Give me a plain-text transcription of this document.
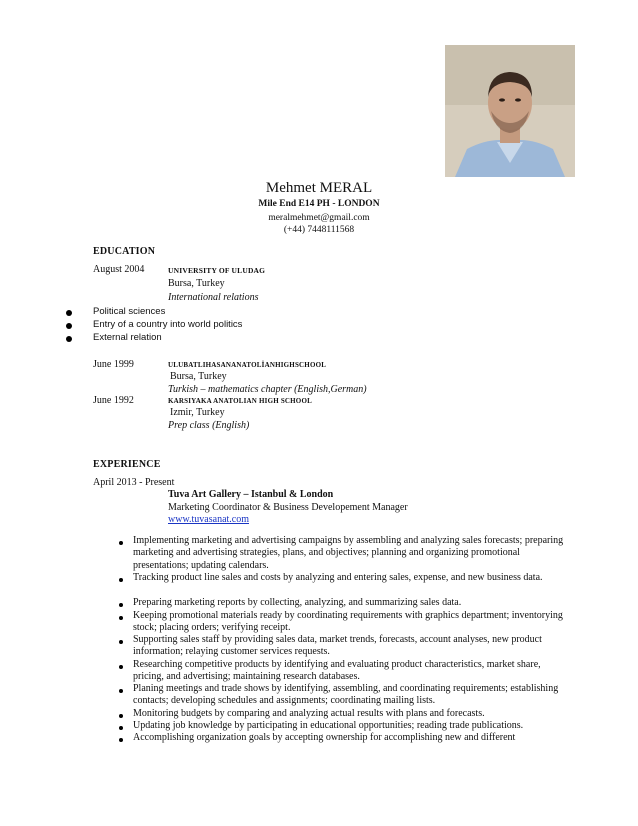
Mehmet MERAL
Mile End E14 PH - LONDON
meralmehmet@gmail.com
(+44) 7448111568
EDUCATION
August 2004	UNIVERSITY OF ULUDAG
Bursa, Turkey
International relations
Political sciences
Entry of a country into world politics
External relation
June 1999	ULUBATLIHASANANATOLİANHIGHSCHOOL
Bursa, Turkey
Turkish – mathematics chapter (English,German)
June 1992	KARSIYAKA ANATOLIAN HIGH SCHOOL
Izmir, Turkey
Prep class (English)
EXPERIENCE
April 2013 - Present
Tuva Art Gallery – Istanbul & London
Marketing Coordinator & Business Developement Manager
www.tuvasanat.com
Implementing marketing and advertising campaigns by assembling and analyzing sales forecasts; preparing marketing and advertising strategies, plans, and objectives; planning and organizing promotional presentations; updating calendars.
Tracking product line sales and costs by analyzing and entering sales, expense, and new business data.
Preparing marketing reports by collecting, analyzing, and summarizing sales data.
Keeping promotional materials ready by coordinating requirements with graphics department; inventorying stock; placing orders; verifying receipt.
Supporting sales staff by providing sales data, market trends, forecasts, account analyses, new product information; relaying customer services requests.
Researching competitive products by identifying and evaluating product characteristics, market share, pricing, and advertising; maintaining research databases.
Planing meetings and trade shows by identifying, assembling, and coordinating requirements; establishing contacts; developing schedules and assignments; coordinating mailing lists.
Monitoring budgets by comparing and analyzing actual results with plans and forecasts.
Updating job knowledge by participating in educational opportunities; reading trade publications.
Accomplishing organization goals by accepting ownership for accomplishing new and different
